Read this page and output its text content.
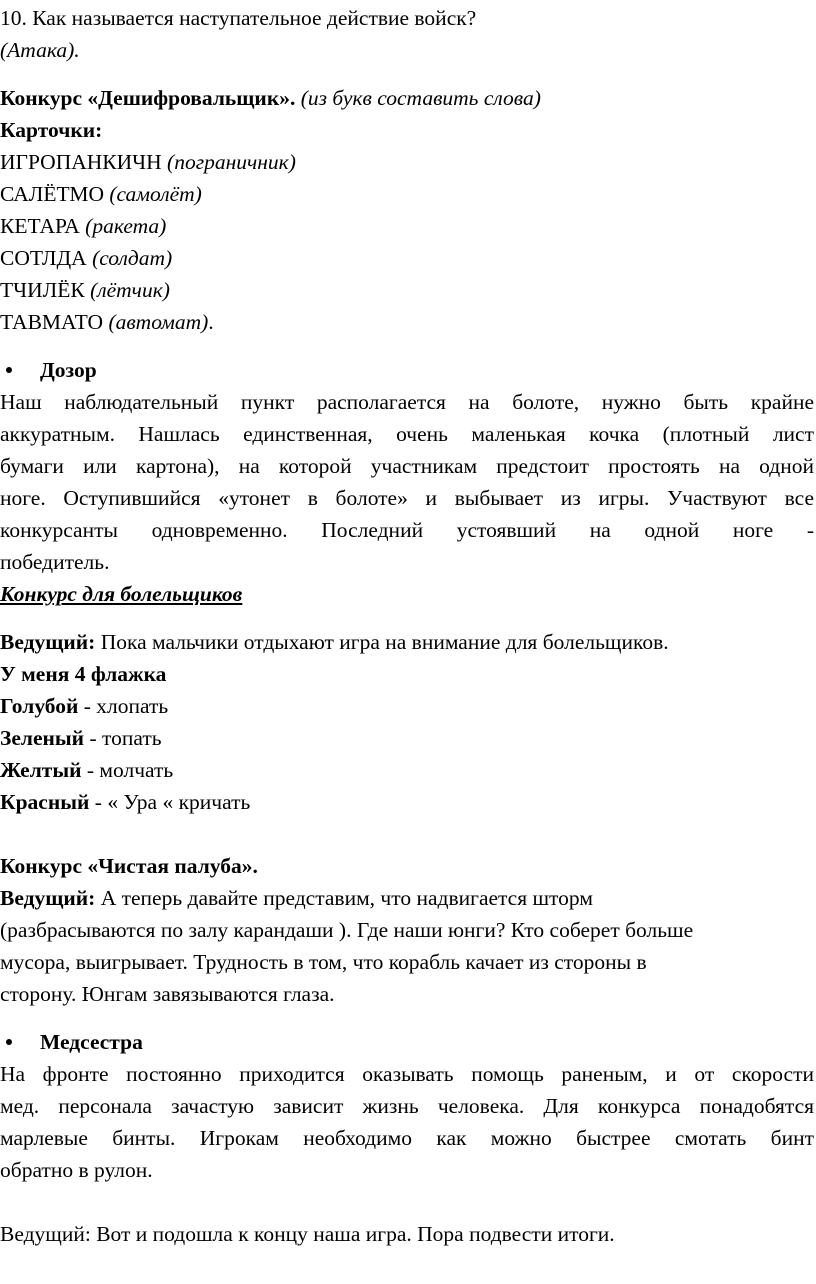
10. Как называется наступательное действие войск?
(Атака).
Конкурс «Дешифровальщик». (из букв составить слова)
Карточки:
ИГРОПАНКИЧН (пограничник)
САЛЁТМО (самолёт)
КЕТАРА (ракета)
СОТЛДА (солдат)
ТЧИЛЁК (лётчик)
ТАВМАТО (автомат).
Дозор
Наш наблюдательный пункт располагается на болоте, нужно быть крайне
аккуратным. Нашлась единственная, очень маленькая кочка (плотный лист
бумаги или картона), на которой участникам предстоит простоять на одной
ноге. Оступившийся «утонет в болоте» и выбывает из игры. Участвуют все
конкурсанты одновременно. Последний устоявший на одной ноге -
победитель.
Конкурс для болельщиков
Ведущий: Пока мальчики отдыхают игра на внимание для болельщиков.
У меня 4 флажка
Голубой - хлопать
Зеленый - топать
Желтый - молчать
Красный - « Ура « кричать
Конкурс «Чистая палуба».
Ведущий: А теперь давайте представим, что надвигается шторм
(разбрасываются по залу карандаши ). Где наши юнги? Кто соберет больше
мусора, выигрывает. Трудность в том, что корабль качает из стороны в
сторону. Юнгам завязываются глаза.
Медсестра
На фронте постоянно приходится оказывать помощь раненым, и от скорости
мед. персонала зачастую зависит жизнь человека. Для конкурса понадобятся
марлевые бинты. Игрокам необходимо как можно быстрее смотать бинт
обратно в рулон.
Ведущий: Вот и подошла к концу наша игра. Пора подвести итоги.
